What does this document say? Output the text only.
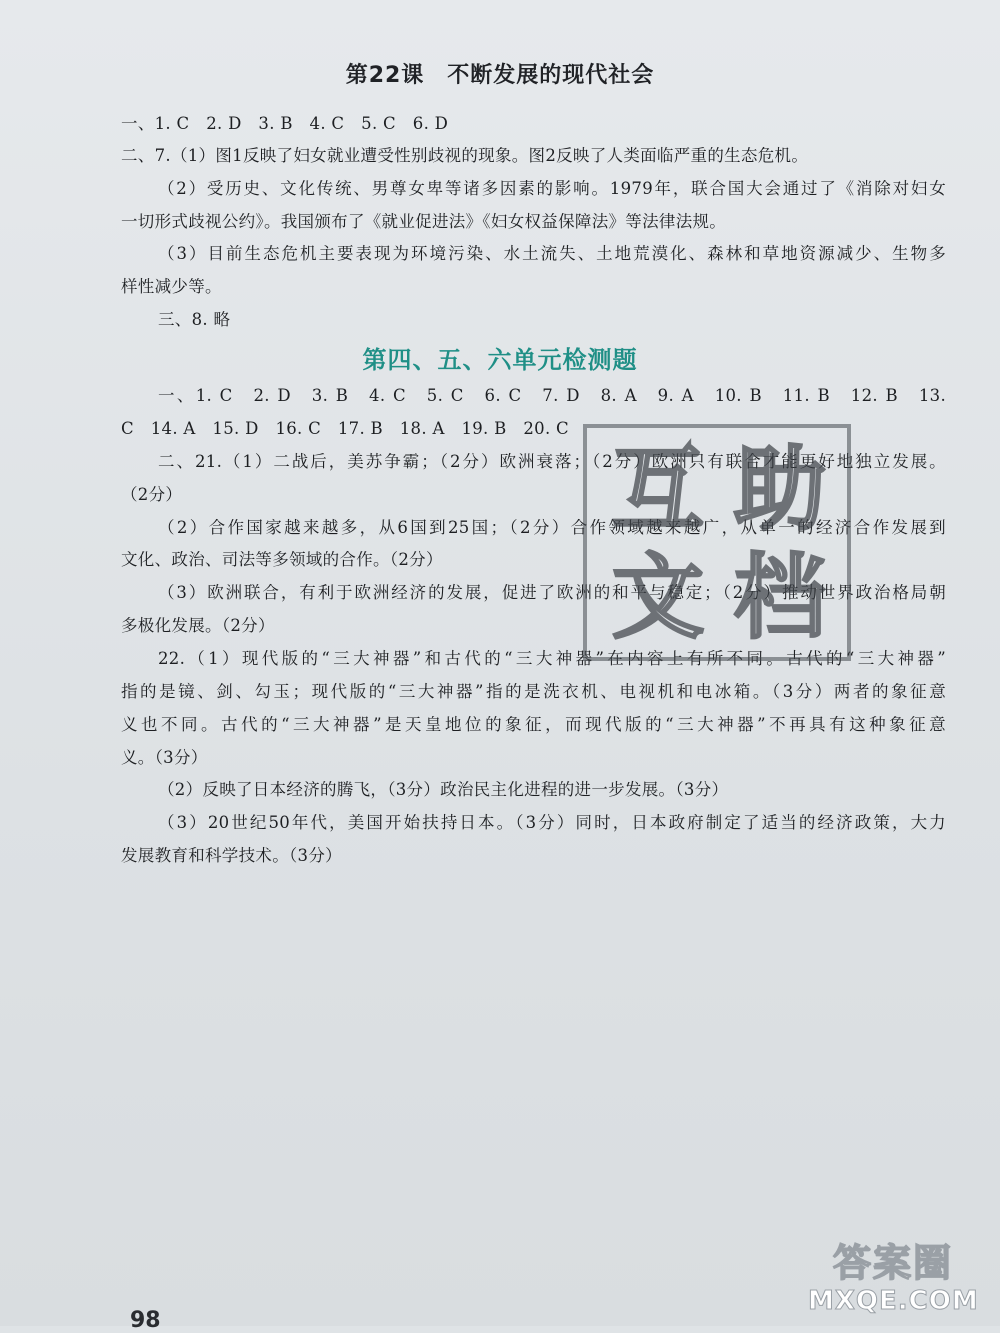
第22课　不断发展的现代社会
一、1. C　2. D　3. B　4. C　5. C　6. D
二、7.（1）图1反映了妇女就业遭受性别歧视的现象。图2反映了人类面临严重的生态危机。
（2）受历史、文化传统、男尊女卑等诸多因素的影响。1979年，联合国大会通过了《消除对妇女
一切形式歧视公约》。我国颁布了《就业促进法》《妇女权益保障法》等法律法规。
（3）目前生态危机主要表现为环境污染、水土流失、土地荒漠化、森林和草地资源减少、生物多
样性减少等。
三、8. 略
第四、五、六单元检测题
一、1. C　2. D　3. B　4. C　5. C　6. C　7. D　8. A　9. A　10. B　11. B　12. B　13.
C　14. A　15. D　16. C　17. B　18. A　19. B　20. C
二、21.（1）二战后，美苏争霸；（2分）欧洲衰落；（2分）欧洲只有联合才能更好地独立发展。
（2分）
（2）合作国家越来越多，从6国到25国；（2分）合作领域越来越广，从单一的经济合作发展到
文化、政治、司法等多领域的合作。（2分）
（3）欧洲联合，有利于欧洲经济的发展，促进了欧洲的和平与稳定；（2分）推动世界政治格局朝
多极化发展。（2分）
22.（1）现代版的“三大神器”和古代的“三大神器”在内容上有所不同。古代的“三大神器”
指的是镜、剑、勾玉；现代版的“三大神器”指的是洗衣机、电视机和电冰箱。（3分）两者的象征意
义也不同。古代的“三大神器”是天皇地位的象征，而现代版的“三大神器”不再具有这种象征意
义。（3分）
（2）反映了日本经济的腾飞，（3分）政治民主化进程的进一步发展。（3分）
（3）20世纪50年代，美国开始扶持日本。（3分）同时，日本政府制定了适当的经济政策，大力
发展教育和科学技术。（3分）
互 助
文 档
98
答案圈
MXQE.COM
